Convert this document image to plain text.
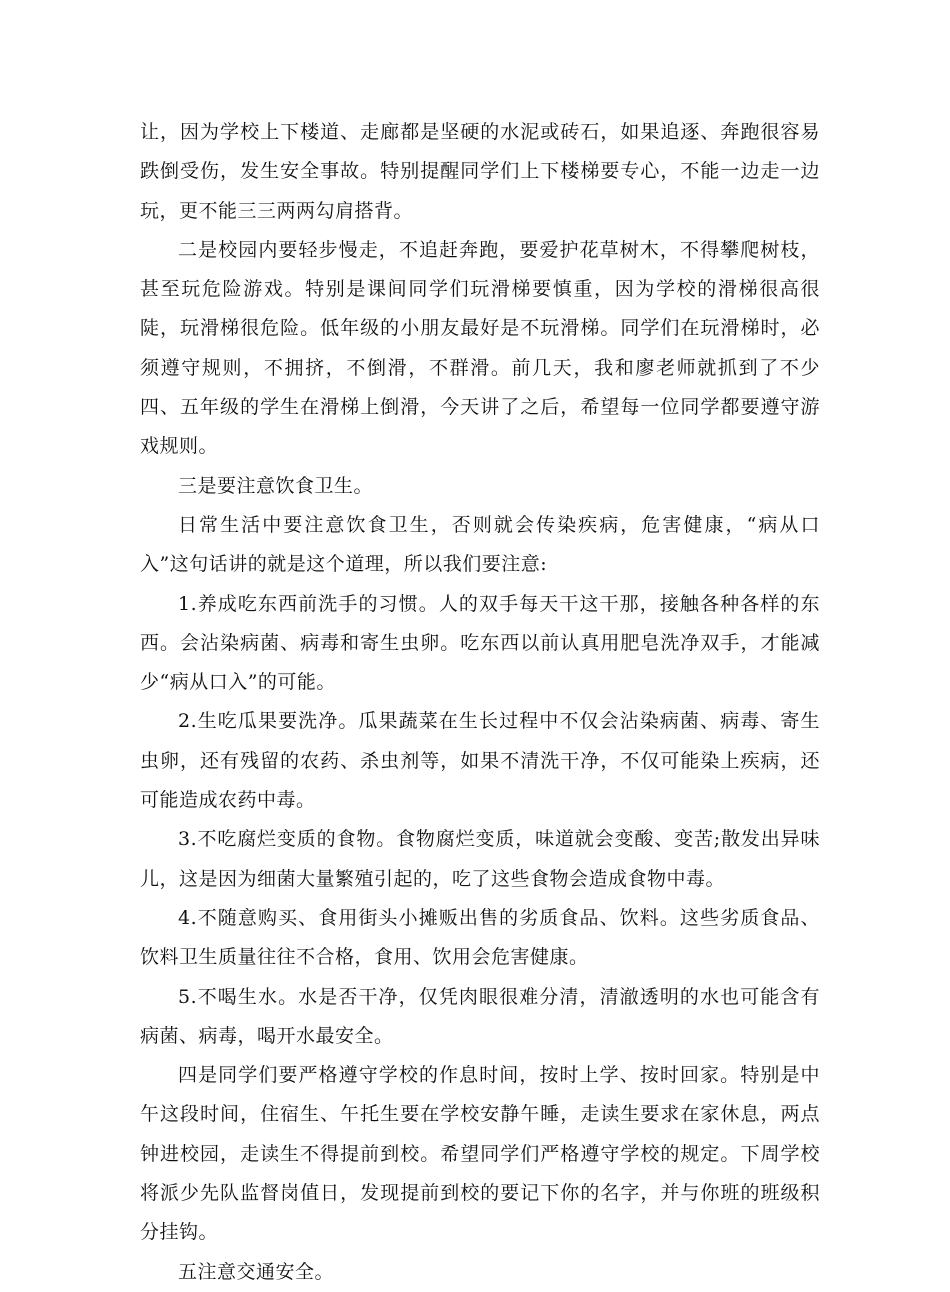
让，因为学校上下楼道、走廊都是坚硬的水泥或砖石，如果追逐、奔跑很容易跌倒受伤，发生安全事故。特别提醒同学们上下楼梯要专心，不能一边走一边玩，更不能三三两两勾肩搭背。

二是校园内要轻步慢走，不追赶奔跑，要爱护花草树木，不得攀爬树枝，甚至玩危险游戏。特别是课间同学们玩滑梯要慎重，因为学校的滑梯很高很陡，玩滑梯很危险。低年级的小朋友最好是不玩滑梯。同学们在玩滑梯时，必须遵守规则，不拥挤，不倒滑，不群滑。前几天，我和廖老师就抓到了不少四、五年级的学生在滑梯上倒滑，今天讲了之后，希望每一位同学都要遵守游戏规则。

三是要注意饮食卫生。

日常生活中要注意饮食卫生，否则就会传染疾病，危害健康，“病从口入”这句话讲的就是这个道理，所以我们要注意:

1.养成吃东西前洗手的习惯。人的双手每天干这干那，接触各种各样的东西。会沾染病菌、病毒和寄生虫卵。吃东西以前认真用肥皂洗净双手，才能减少“病从口入”的可能。

2.生吃瓜果要洗净。瓜果蔬菜在生长过程中不仅会沾染病菌、病毒、寄生虫卵，还有残留的农药、杀虫剂等，如果不清洗干净，不仅可能染上疾病，还可能造成农药中毒。

3.不吃腐烂变质的食物。食物腐烂变质，味道就会变酸、变苦;散发出异味儿，这是因为细菌大量繁殖引起的，吃了这些食物会造成食物中毒。

4.不随意购买、食用街头小摊贩出售的劣质食品、饮料。这些劣质食品、饮料卫生质量往往不合格，食用、饮用会危害健康。

5.不喝生水。水是否干净，仅凭肉眼很难分清，清澈透明的水也可能含有病菌、病毒，喝开水最安全。

四是同学们要严格遵守学校的作息时间，按时上学、按时回家。特别是中午这段时间，住宿生、午托生要在学校安静午睡，走读生要求在家休息，两点钟进校园，走读生不得提前到校。希望同学们严格遵守学校的规定。下周学校将派少先队监督岗值日，发现提前到校的要记下你的名字，并与你班的班级积分挂钩。

五注意交通安全。
